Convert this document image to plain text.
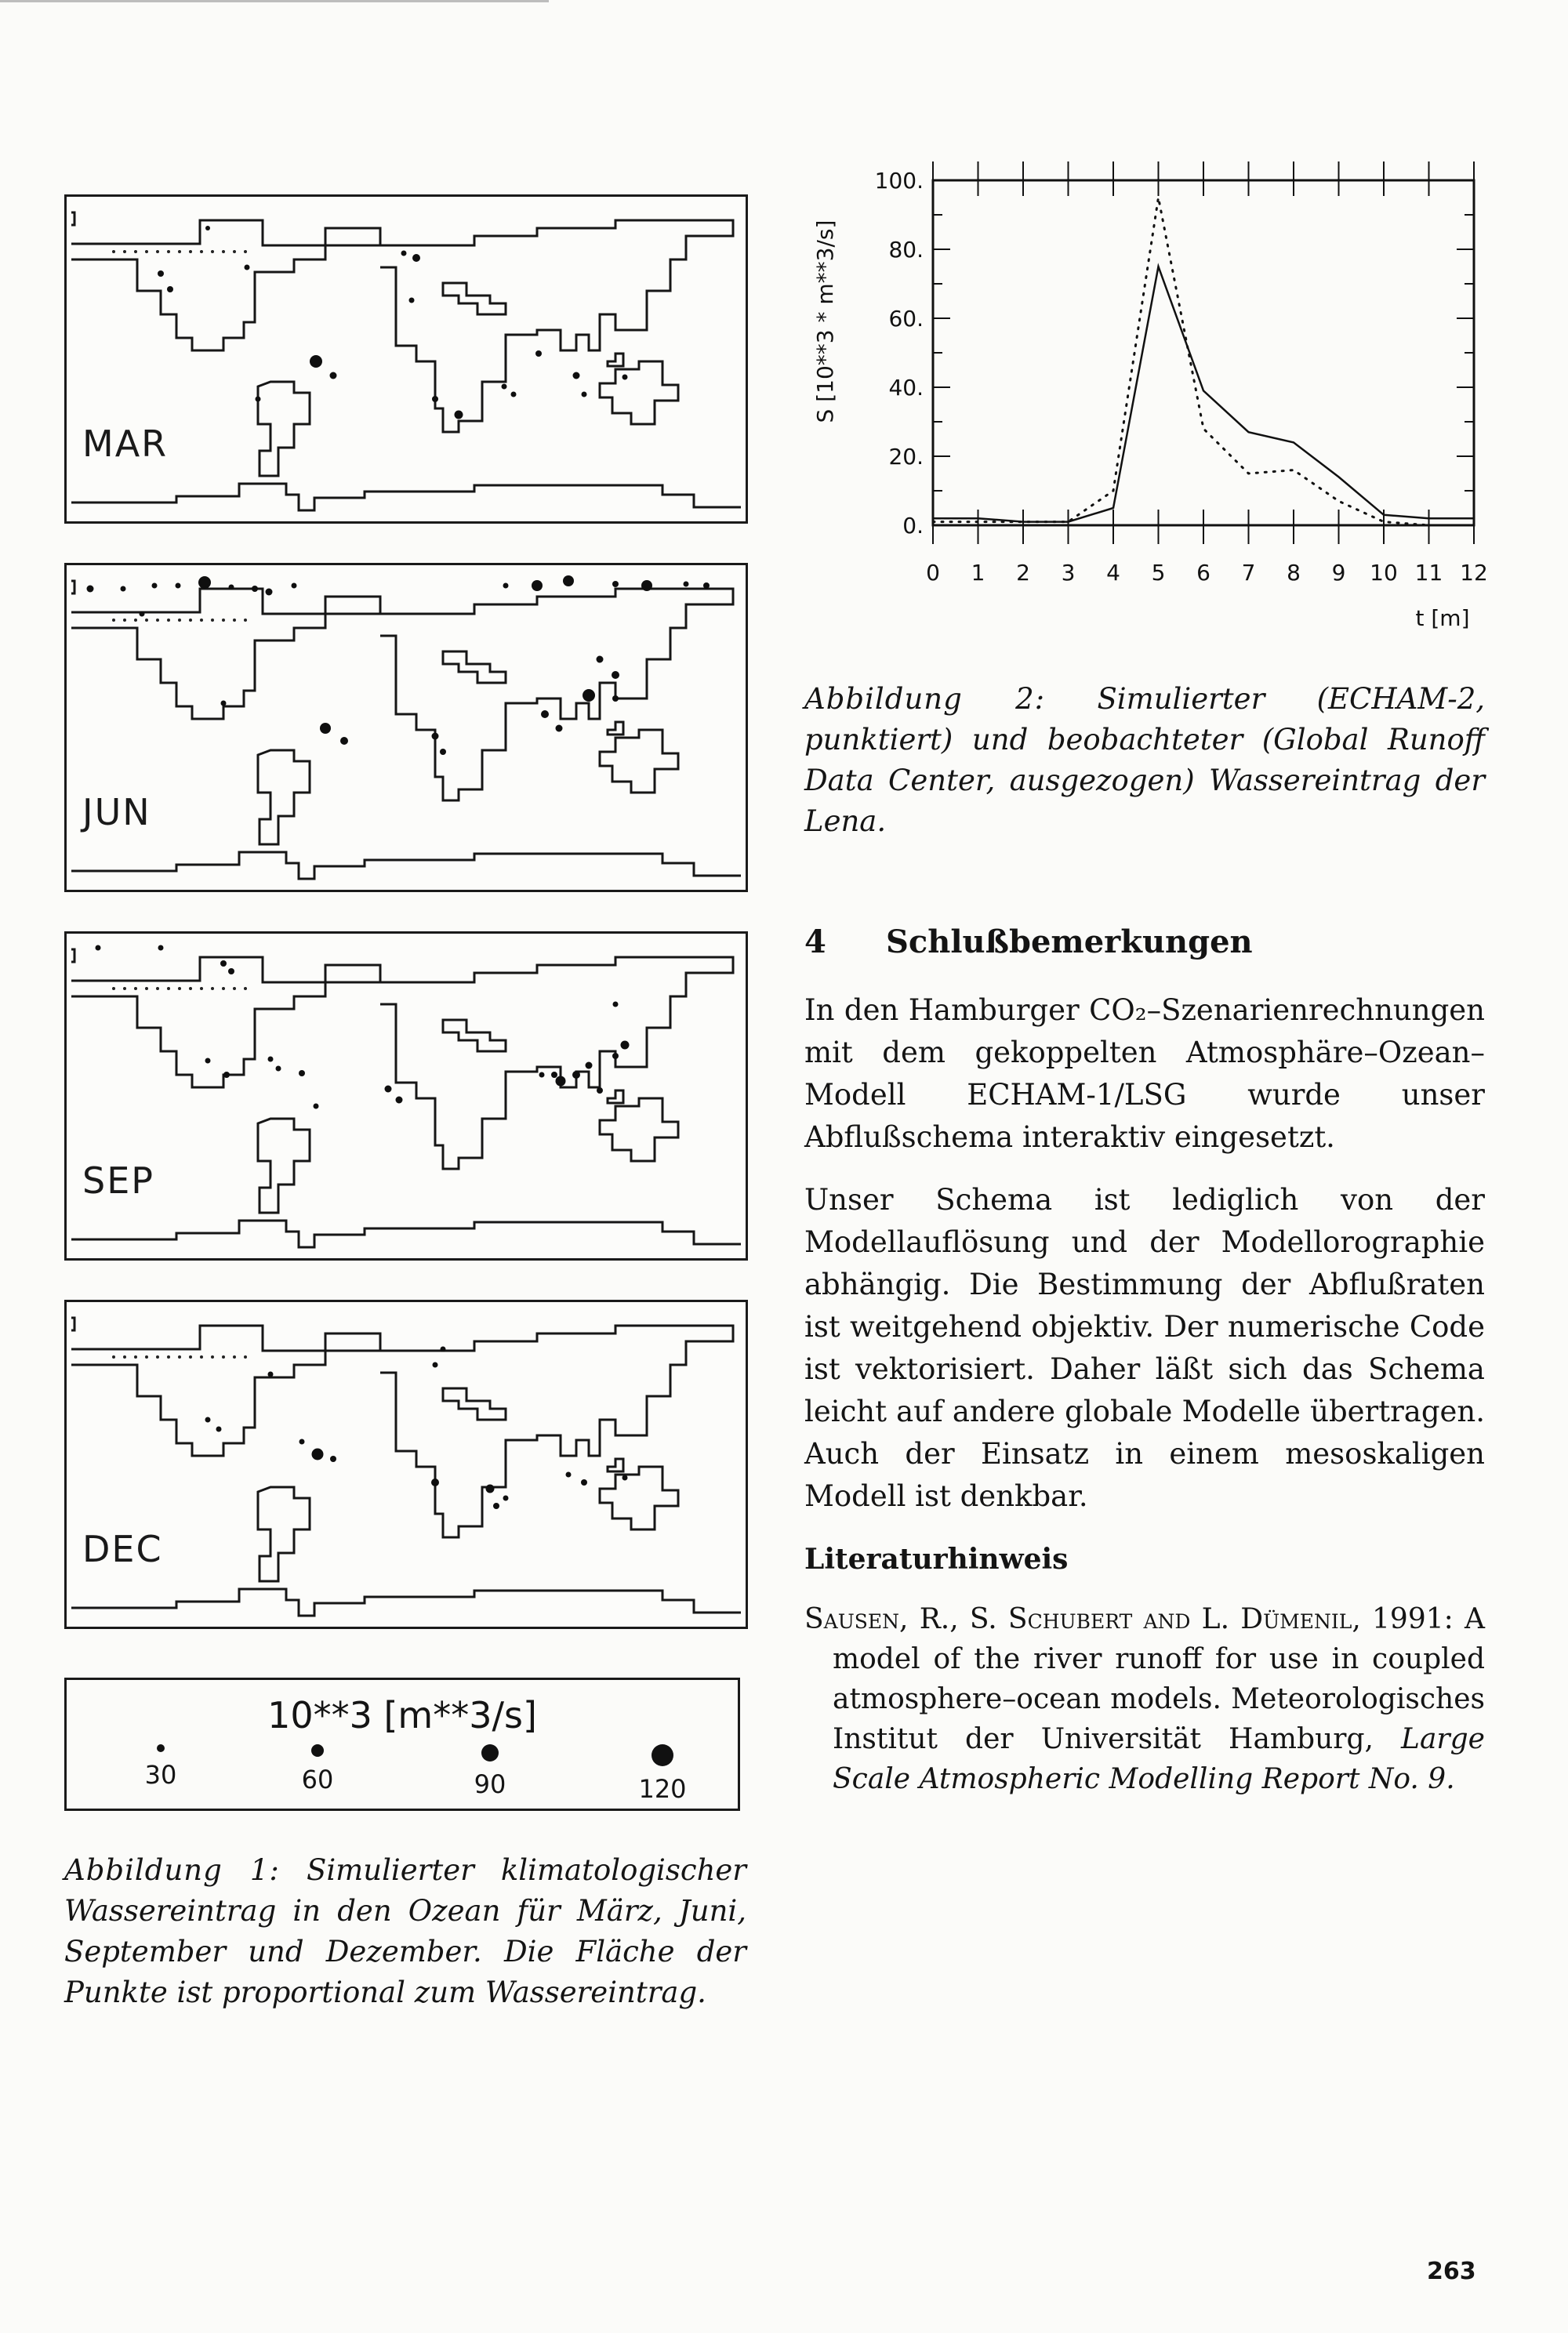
MAR
JUN
SEP
DEC
10**3 [m**3/s]
30	60	90	120
Abbildung 1: Simulierter klimatologischer Wassereintrag in den Ozean für März, Juni, September und Dezember. Die Fläche der Punkte ist proportional zum Wassereintrag.
100.
80.
60.
40.
20.
0.
0 1 2 3 4 5 6 7 8 9 10 11 12
t [m]
S [10**3 * m**3/s]
Abbildung 2: Simulierter (ECHAM-2, punktiert) und beobachteter (Global Runoff Data Center, ausgezogen) Wassereintrag der Lena.
4 Schlußbemerkungen

In den Hamburger CO₂–Szenarienrechnungen mit dem gekoppelten Atmosphäre–Ozean–Modell ECHAM-1/LSG wurde unser Abflußschema interaktiv eingesetzt.

Unser Schema ist lediglich von der Modellauflösung und der Modellorographie abhängig. Die Bestimmung der Abflußraten ist weitgehend objektiv. Der numerische Code ist vektorisiert. Daher läßt sich das Schema leicht auf andere globale Modelle übertragen. Auch der Einsatz in einem mesoskaligen Modell ist denkbar.

Literaturhinweis
Sausen, R., S. Schubert and L. Dümenil, 1991: A model of the river runoff for use in coupled atmosphere–ocean models. Meteorologisches Institut der Universität Hamburg, Large Scale Atmospheric Modelling Report No. 9.
263
